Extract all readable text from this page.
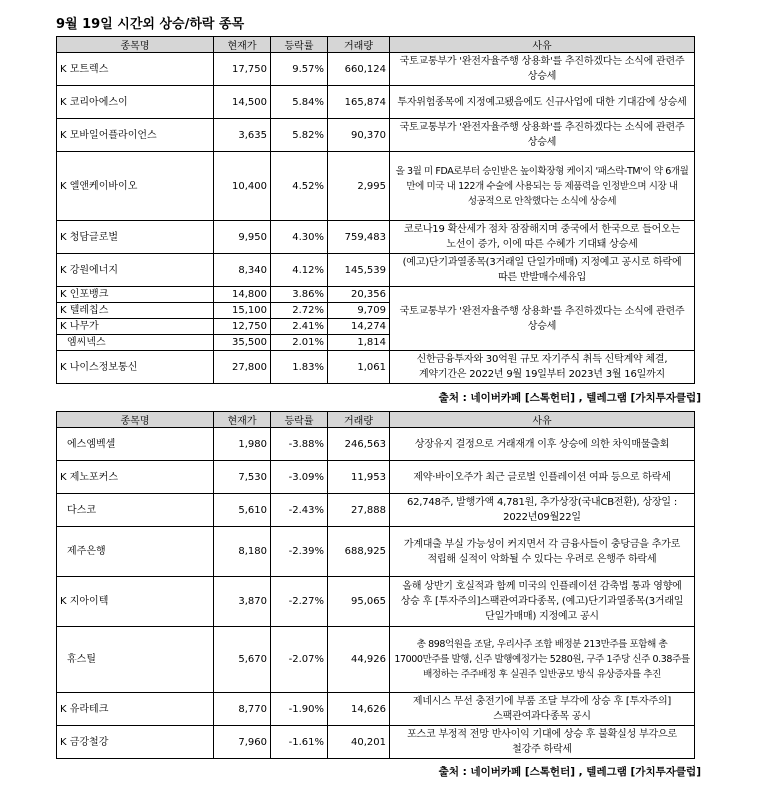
9월 19일 시간외 상승/하락 종목
종목명	현재가	등락률	거래량	사유
K 모트렉스	17,750	9.57%	660,124	국토교통부가 '완전자율주행 상용화'를 추진하겠다는 소식에 관련주 상승세
K 코리아에스이	14,500	5.84%	165,874	투자위험종목에 지정예고됐음에도 신규사업에 대한 기대감에 상승세
K 모바일어플라이언스	3,635	5.82%	90,370	국토교통부가 '완전자율주행 상용화'를 추진하겠다는 소식에 관련주 상승세
K 엘앤케이바이오	10,400	4.52%	2,995	올 3월 미 FDA로부터 승인받은 높이확장형 케이지 '패스락-TM'이 약 6개월 만에 미국 내 122개 수술에 사용되는 등 제품력을 인정받으며 시장 내 성공적으로 안착했다는 소식에 상승세
K 청담글로벌	9,950	4.30%	759,483	코로나19 확산세가 점차 잠잠해지며 중국에서 한국으로 들어오는 노선이 증가, 이에 따른 수혜가 기대돼 상승세
K 강원에너지	8,340	4.12%	145,539	(예고)단기과열종목(3거래일 단일가매매) 지정예고 공시로 하락에 따른 반발매수세유입
K 인포뱅크	14,800	3.86%	20,356	국토교통부가 '완전자율주행 상용화'를 추진하겠다는 소식에 관련주 상승세
K 텔레칩스	15,100	2.72%	9,709	
K 나무가	12,750	2.41%	14,274	
엠씨넥스	35,500	2.01%	1,814	
K 나이스정보통신	27,800	1.83%	1,061	신한금융투자와 30억원 규모 자기주식 취득 신탁계약 체결, 계약기간은 2022년 9월 19일부터 2023년 3월 16일까지
출처 : 네이버카페 [스톡헌터] , 텔레그램 [가치투자클럽]
종목명	현재가	등락률	거래량	사유
에스엠벡셀	1,980	-3.88%	246,563	상장유지 결정으로 거래재개 이후 상승에 의한 차익매물출회
K 제노포커스	7,530	-3.09%	11,953	제약·바이오주가 최근 글로벌 인플레이션 여파 등으로 하락세
다스코	5,610	-2.43%	27,888	62,748주, 발행가액 4,781원, 추가상장(국내CB전환), 상장일 : 2022년09월22일
제주은행	8,180	-2.39%	688,925	가계대출 부실 가능성이 커지면서 각 금융사들이 충당금을 추가로 적립해 실적이 악화될 수 있다는 우려로 은행주 하락세
K 지아이텍	3,870	-2.27%	95,065	올해 상반기 호실적과 함께 미국의 인플레이션 감축법 통과 영향에 상승 후 [투자주의]스팩관여과다종목, (예고)단기과열종목(3거래일 단일가매매) 지정예고 공시
휴스틸	5,670	-2.07%	44,926	총 898억원을 조달, 우리사주 조합 배정분 213만주를 포함해 총 17000만주를 발행, 신주 발행예정가는 5280원, 구주 1주당 신주 0.38주를 배정하는 주주배정 후 실권주 일반공모 방식 유상증자를 추진
K 유라테크	8,770	-1.90%	14,626	제네시스 무선 충전기에 부품 조달 부각에 상승 후 [투자주의]스팩관여과다종목 공시
K 금강철강	7,960	-1.61%	40,201	포스코 부정적 전망 반사이익 기대에 상승 후 불확실성 부각으로 철강주 하락세
출처 : 네이버카페 [스톡헌터] , 텔레그램 [가치투자클럽]
